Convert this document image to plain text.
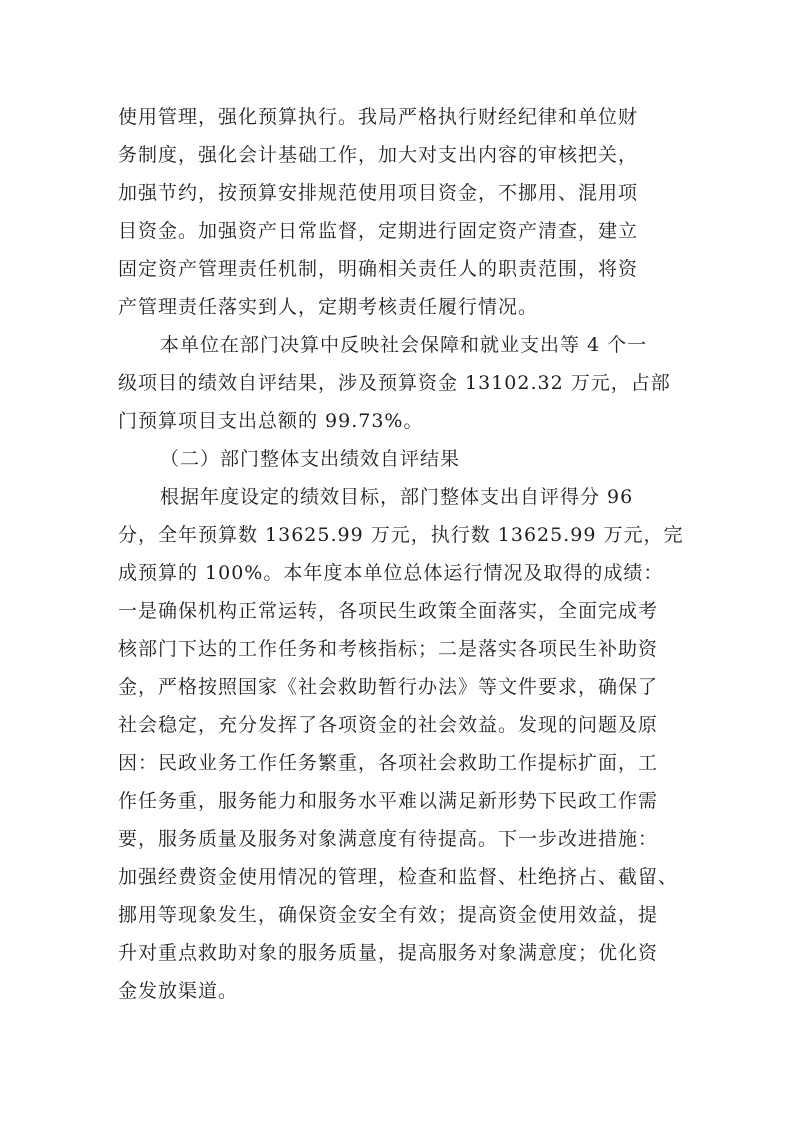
使用管理，强化预算执行。我局严格执行财经纪律和单位财
务制度，强化会计基础工作，加大对支出内容的审核把关，
加强节约，按预算安排规范使用项目资金，不挪用、混用项
目资金。加强资产日常监督，定期进行固定资产清查，建立
固定资产管理责任机制，明确相关责任人的职责范围，将资
产管理责任落实到人，定期考核责任履行情况。
本单位在部门决算中反映社会保障和就业支出等 4 个一
级项目的绩效自评结果，涉及预算资金 13102.32 万元，占部
门预算项目支出总额的 99.73%。
（二）部门整体支出绩效自评结果
根据年度设定的绩效目标，部门整体支出自评得分 96
分，全年预算数 13625.99 万元，执行数 13625.99 万元，完
成预算的 100%。本年度本单位总体运行情况及取得的成绩：
一是确保机构正常运转，各项民生政策全面落实，全面完成考
核部门下达的工作任务和考核指标；二是落实各项民生补助资
金，严格按照国家《社会救助暂行办法》等文件要求，确保了
社会稳定，充分发挥了各项资金的社会效益。发现的问题及原
因：民政业务工作任务繁重，各项社会救助工作提标扩面，工
作任务重，服务能力和服务水平难以满足新形势下民政工作需
要，服务质量及服务对象满意度有待提高。下一步改进措施：
加强经费资金使用情况的管理，检查和监督、杜绝挤占、截留、
挪用等现象发生，确保资金安全有效；提高资金使用效益，提
升对重点救助对象的服务质量，提高服务对象满意度；优化资
金发放渠道。
